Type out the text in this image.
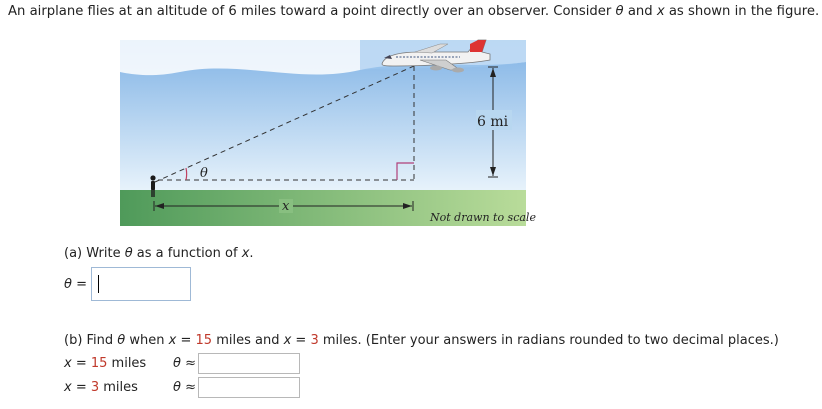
An airplane flies at an altitude of 6 miles toward a point directly over an observer. Consider θ and x as shown in the figure.
θ
x
6 mi
Not drawn to scale
(a) Write θ as a function of x.
θ =
(b) Find θ when x = 15 miles and x = 3 miles. (Enter your answers in radians rounded to two decimal places.)
x = 15 miles θ ≈
x = 3 miles	θ ≈
